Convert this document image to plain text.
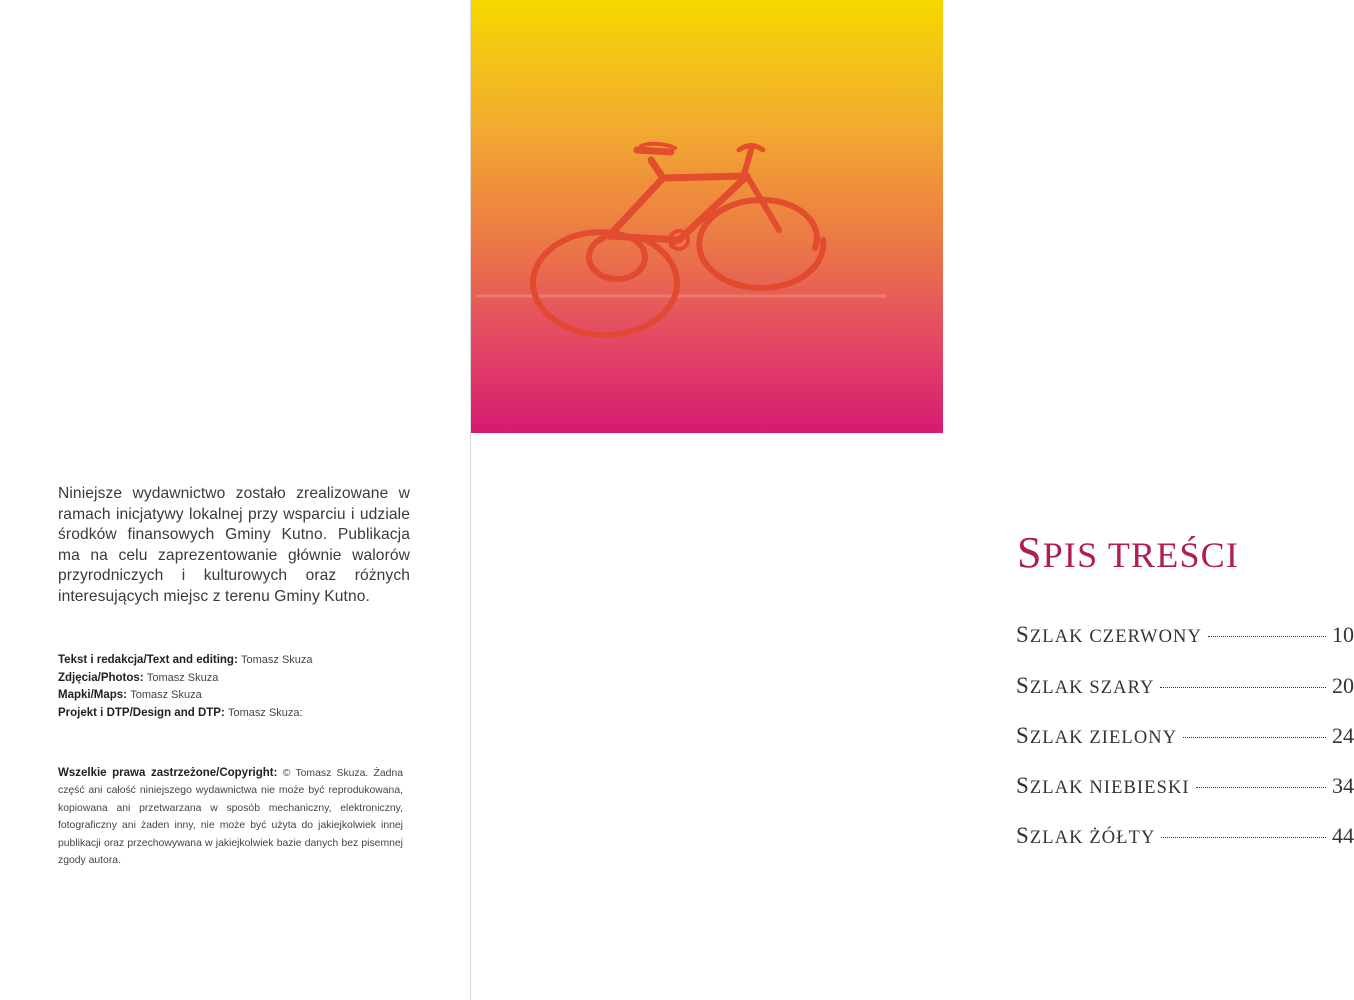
Niniejsze wydawnictwo zostało zrealizowane w ramach inicjatywy lokalnej przy wsparciu i udziale środków finansowych Gminy Kutno. Publikacja ma na celu zaprezentowanie głównie walorów przyrodniczych i kulturowych oraz różnych interesujących miejsc z terenu Gminy Kutno.
Tekst i redakcja/Text and editing: Tomasz Skuza
Zdjęcia/Photos: Tomasz Skuza
Mapki/Maps: Tomasz Skuza
Projekt i DTP/Design and DTP: Tomasz Skuza:
Wszelkie prawa zastrzeżone/Copyright: © Tomasz Skuza. Żadna część ani całość niniejszego wydawnictwa nie może być reprodukowana, kopiowana ani przetwarzana w sposób mechaniczny, elektroniczny, fotograficzny ani żaden inny, nie może być użyta do jakiejkolwiek innej publikacji oraz przechowywana w jakiejkolwiek bazie danych bez pisemnej zgody autora.
SPIS TREŚCI
SZLAK CZERWONY	10
SZLAK SZARY	20
SZLAK ZIELONY	24
SZLAK NIEBIESKI	34
SZLAK ŻÓŁTY	44
